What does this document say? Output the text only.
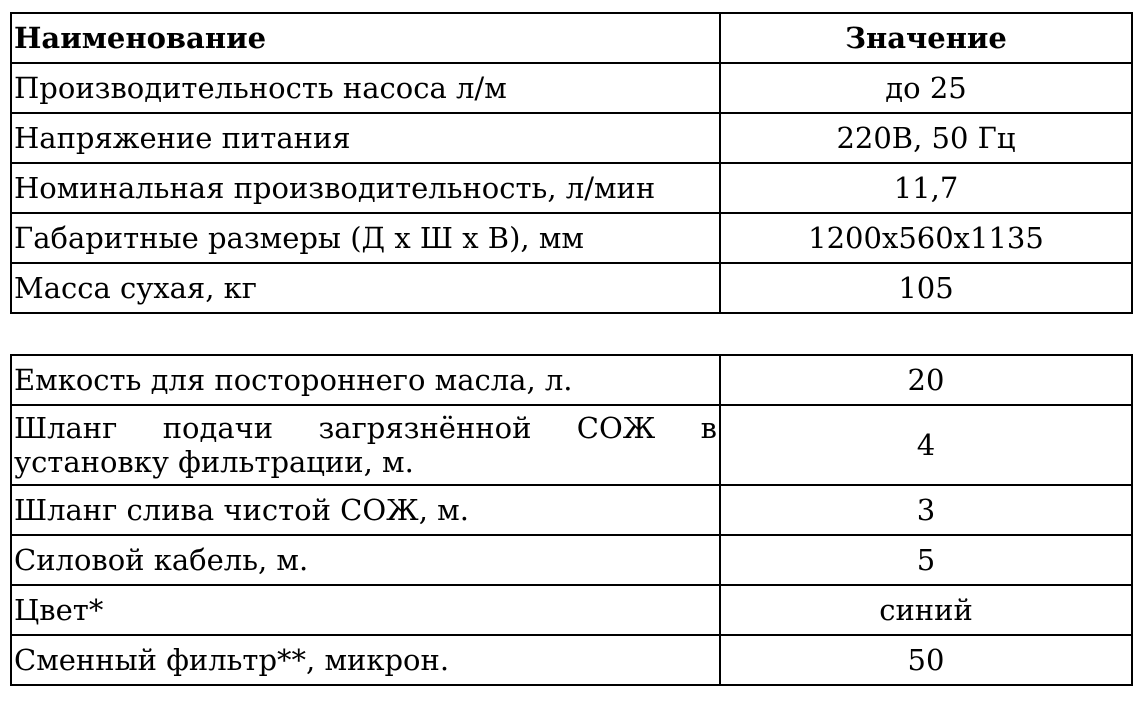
Наименование	Значение
Производительность насоса л/м	до 25
Напряжение питания	220В, 50 Гц
Номинальная производительность, л/мин	11,7
Габаритные размеры (Д х Ш х В), мм	1200х560х1135
Масса сухая, кг	105
Емкость для постороннего масла, л.	20
Шланг подачи загрязнённой СОЖ в установку фильтрации, м.	4
Шланг слива чистой СОЖ, м.	3
Силовой кабель, м.	5
Цвет*	синий
Сменный фильтр**, микрон.	50
